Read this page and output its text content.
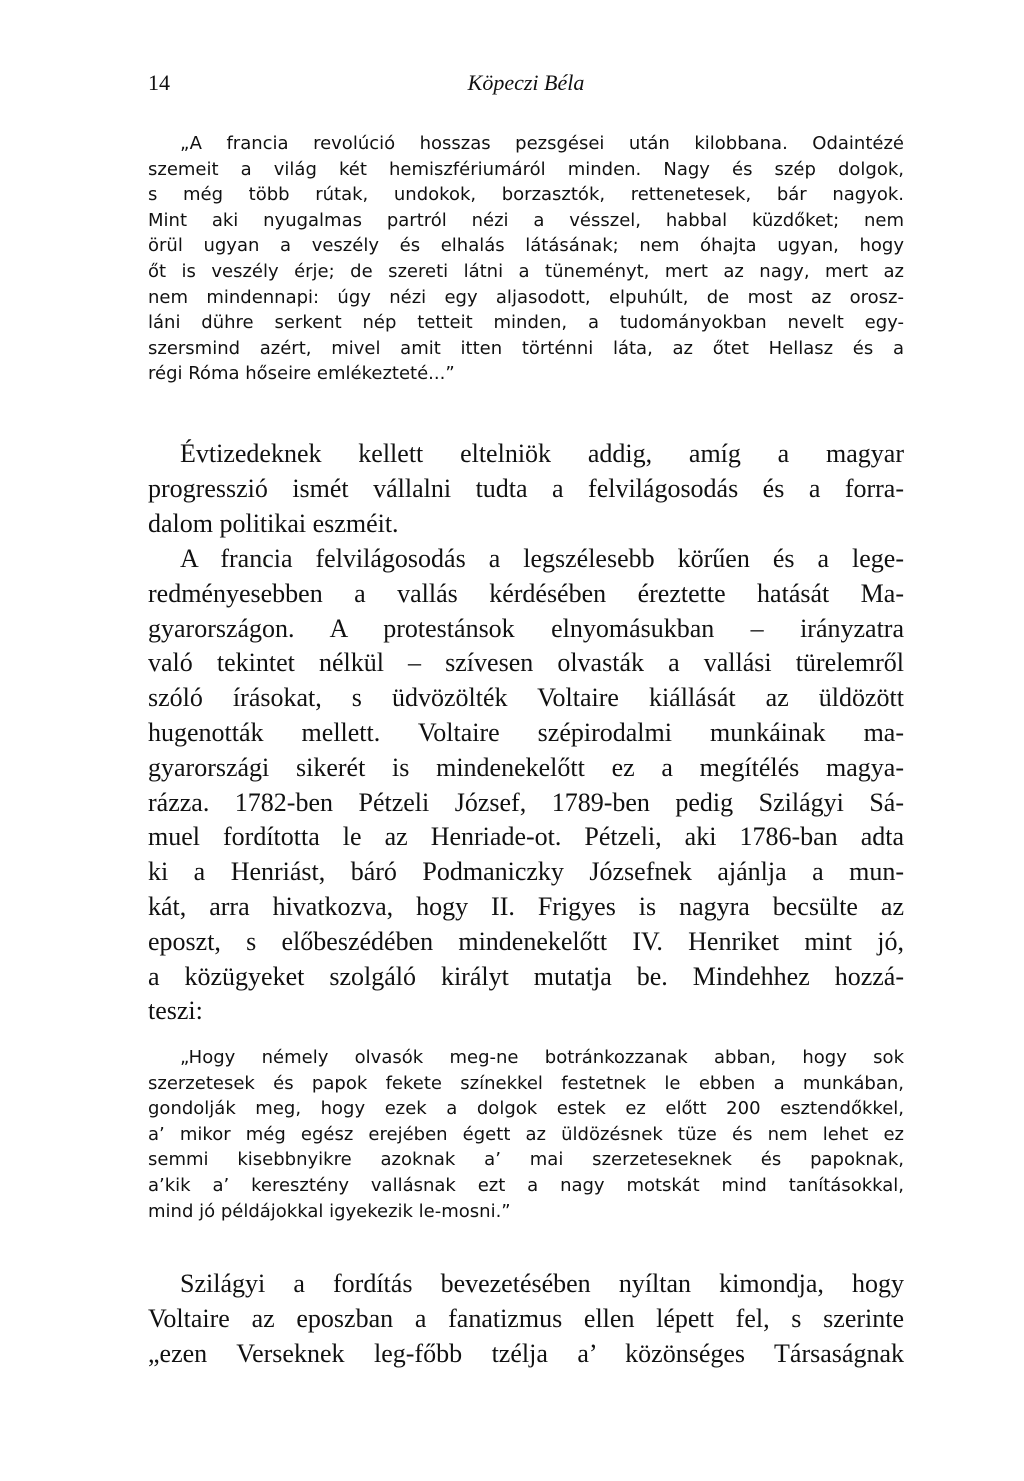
14	Köpeczi Béla
„A francia revolúció hosszas pezsgései után kilobbana. Odaintézé
szemeit a világ két hemiszfériumáról minden. Nagy és szép dolgok,
s még több rútak, undokok, borzasztók, rettenetesek, bár nagyok.
Mint aki nyugalmas partról nézi a vésszel, habbal küzdőket; nem
örül ugyan a veszély és elhalás látásának; nem óhajta ugyan, hogy
őt is veszély érje; de szereti látni a tüneményt, mert az nagy, mert az
nem mindennapi: úgy nézi egy aljasodott, elpuhúlt, de most az orosz-
láni dühre serkent nép tetteit minden, a tudományokban nevelt egy-
szersmind azért, mivel amit itten történni láta, az őtet Hellasz és a
régi Róma hőseire emlékezteté...”
Évtizedeknek kellett eltelniök addig, amíg a magyar
progresszió ismét vállalni tudta a felvilágosodás és a forra-
dalom politikai eszméit.
A francia felvilágosodás a legszélesebb körűen és a lege-
redményesebben a vallás kérdésében éreztette hatását Ma-
gyarországon. A protestánsok elnyomásukban – irányzatra
való tekintet nélkül – szívesen olvasták a vallási türelemről
szóló írásokat, s üdvözölték Voltaire kiállását az üldözött
hugenották mellett. Voltaire szépirodalmi munkáinak ma-
gyarországi sikerét is mindenekelőtt ez a megítélés magya-
rázza. 1782-ben Pétzeli József, 1789-ben pedig Szilágyi Sá-
muel fordította le az Henriade-ot. Pétzeli, aki 1786-ban adta
ki a Henriást, báró Podmaniczky Józsefnek ajánlja a mun-
kát, arra hivatkozva, hogy II. Frigyes is nagyra becsülte az
eposzt, s előbeszédében mindenekelőtt IV. Henriket mint jó,
a közügyeket szolgáló királyt mutatja be. Mindehhez hozzá-
teszi:
„Hogy némely olvasók meg-ne botránkozzanak abban, hogy sok
szerzetesek és papok fekete színekkel festetnek le ebben a munkában,
gondolják meg, hogy ezek a dolgok estek ez előtt 200 esztendőkkel,
a’ mikor még egész erejében égett az üldözésnek tüze és nem lehet ez
semmi kisebbnyikre azoknak a’ mai szerzeteseknek és papoknak,
a’kik a’ keresztény vallásnak ezt a nagy motskát mind tanításokkal,
mind jó példájokkal igyekezik le-mosni.”
Szilágyi a fordítás bevezetésében nyíltan kimondja, hogy
Voltaire az eposzban a fanatizmus ellen lépett fel, s szerinte
„ezen Verseknek leg-főbb tzélja a’ közönséges Társaságnak
